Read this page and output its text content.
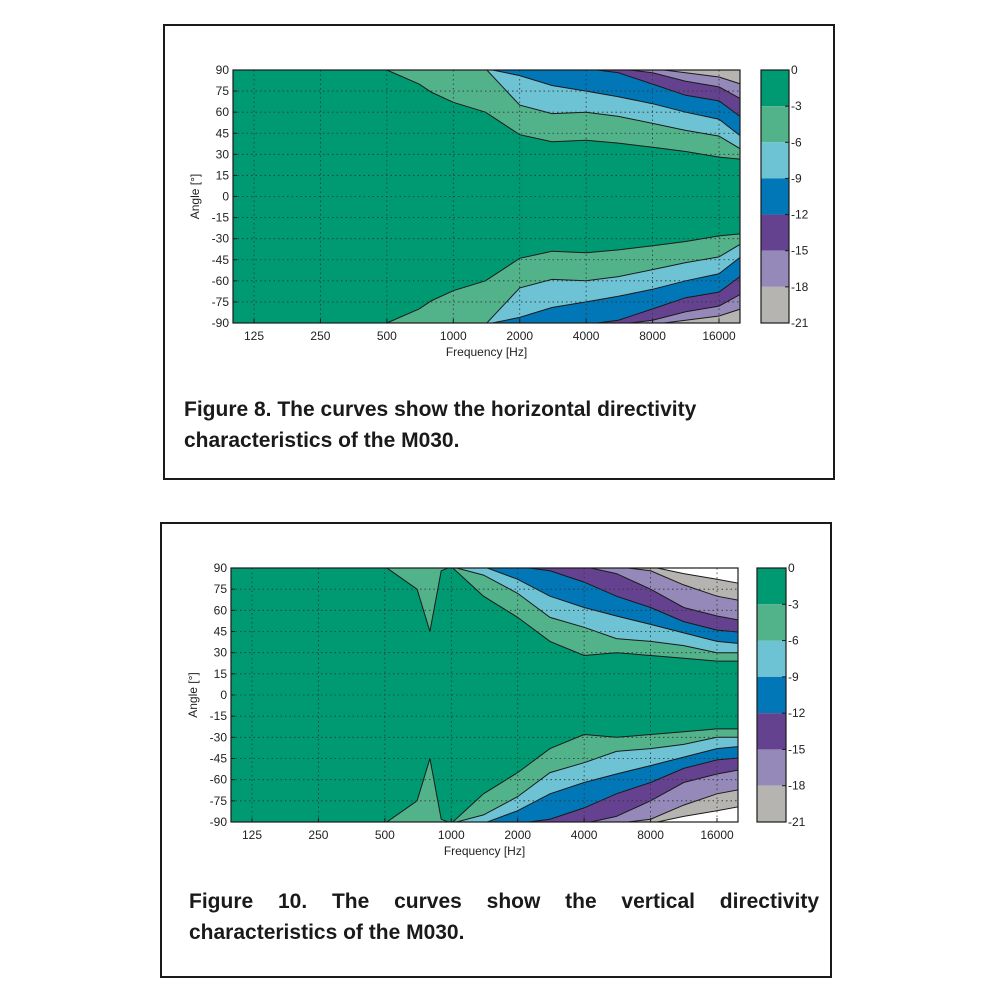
125	250	500	1000	2000	4000	8000	16000
90
75
60
45
30
15
0
-15
-30
-45
-60
-75
-90
Frequency [Hz]
Angle [°]
0
-3
-6
-9
-12
-15
-18
-21
125	250	500	1000	2000	4000	8000	16000
90
75
60
45
30
15
0
-15
-30
-45
-60
-75
-90
Frequency [Hz]
Angle [°]
0
-3
-6
-9
-12
-15
-18
-21

Figure 8. The curves show the horizontal directivity characteristics of the M030.

Figure 10. The curves show the vertical directivity characteristics of the M030.
